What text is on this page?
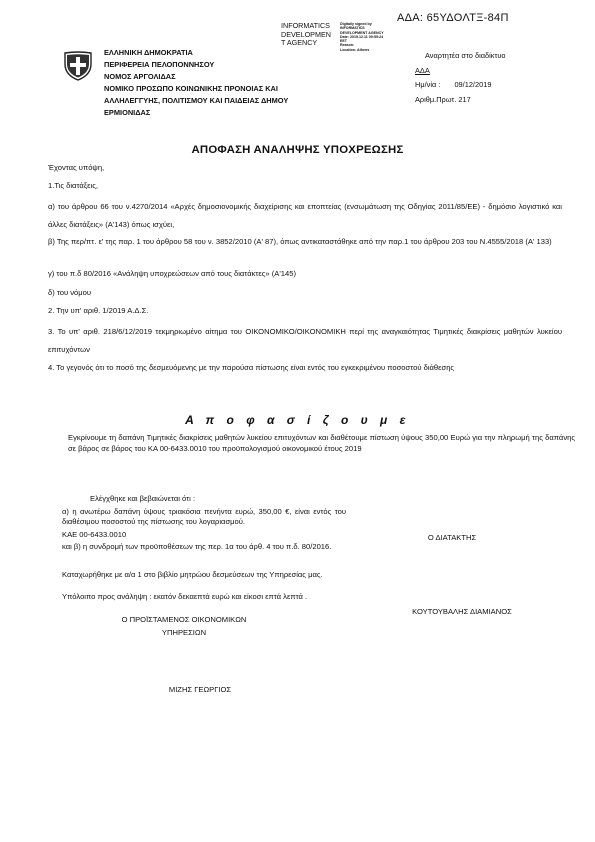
ΑΔΑ: 65ΥΔΟΛΤΞ-84Π
INFORMATICS
DEVELOPMEN
T AGENCY
Digitally signed by
INFORMATICS
DEVELOPMENT AGENCY
Date: 2019.12.11 09:55:24
EET
Reason:
Location: Athens
ΕΛΛΗΝΙΚΗ ΔΗΜΟΚΡΑΤΙΑ
ΠΕΡΙΦΕΡΕΙΑ ΠΕΛΟΠΟΝΝΗΣΟΥ
ΝΟΜΟΣ ΑΡΓΟΛΙΔΑΣ
ΝΟΜΙΚΟ ΠΡΟΣΩΠΟ ΚΟΙΝΩΝΙΚΗΣ ΠΡΟΝΟΙΑΣ ΚΑΙ
ΑΛΛΗΛΕΓΓΥΗΣ, ΠΟΛΙΤΙΣΜΟΥ ΚΑΙ ΠΑΙΔΕΙΑΣ ΔΗΜΟΥ
ΕΡΜΙΟΝΙΔΑΣ
Αναρτητέα στο διαδίκτυο
ΑΔΑ
Ημ/νία : 09/12/2019
Αριθμ.Πρωτ. 217
ΑΠΟΦΑΣΗ ΑΝΑΛΗΨΗΣ ΥΠΟΧΡΕΩΣΗΣ
Έχοντας υπόψη,
1.Τις διατάξεις,
α) του άρθρου 66 του ν.4270/2014 «Αρχές δημοσιονομικής διαχείρισης και εποπτείας (ενσωμάτωση της Οδηγίας 2011/85/ΕΕ) - δημόσιο λογιστικό και άλλες διατάξεις» (Α'143) όπως ισχύει,
β) Της περ/πτ. ε' της παρ. 1 του άρθρου 58 του ν. 3852/2010 (Α' 87), όπως αντικαταστάθηκε από την παρ.1 του άρθρου 203 του Ν.4555/2018 (Α' 133)
γ) του π.δ 80/2016 «Ανάληψη υποχρεώσεων από τους διατάκτες» (Α'145)
δ) του νόμου
2. Την υπ' αριθ. 1/2019 Α.Δ.Σ.
3. Το υπ' αριθ. 218/6/12/2019 τεκμηριωμένο αίτημα του ΟΙΚΟΝΟΜΙΚΟ/ΟΙΚΟΝΟΜΙΚΗ περί της αναγκαιότητας Τιμητικές διακρίσεις μαθητών λυκείου επιτυχόντων
4. Το γεγονός ότι το ποσό της δεσμευόμενης με την παρούσα πίστωσης είναι εντός του εγκεκριμένου ποσοστού διάθεσης
Α π ο φ α σ ί ζ ο υ μ ε
Εγκρίνουμε τη δαπάνη Τιμητικές διακρίσεις μαθητών λυκείου επιτυχόντων και διαθέτουμε πίστωση ύψους 350,00 Ευρώ για την πληρωμή της δαπάνης σε βάρος σε βάρος του ΚΑ 00-6433.0010 του προϋπολογισμού οικονομικού έτους 2019
Ελέγχθηκε και βεβαιώνεται ότι :
α) η ανωτέρω δαπάνη ύψους τριακόσια πενήντα ευρώ, 350,00 €, είναι εντός του διαθέσιμου ποσοστού της πίστωσης του λογαριασμού.
ΚΑΕ 00-6433.0010
και β) η συνδρομή των προϋποθέσεων της περ. 1α του άρθ. 4 του π.δ. 80/2016.
Καταχωρήθηκε με α/α 1 στο βιβλίο μητρώου δεσμεύσεων της Υπηρεσίας μας.
Υπόλοιπο προς ανάληψη : εκατόν δεκαεπτά ευρώ και είκοσι επτά λεπτά .
Ο ΠΡΟΪΣΤΑΜΕΝΟΣ ΟΙΚΟΝΟΜΙΚΩΝ
ΥΠΗΡΕΣΙΩΝ
ΜΙΖΗΣ ΓΕΩΡΓΙΟΣ
Ο ΔΙΑΤΑΚΤΗΣ
ΚΟΥΤΟΥΒΑΛΗΣ ΔΙΑΜΙΑΝΟΣ
